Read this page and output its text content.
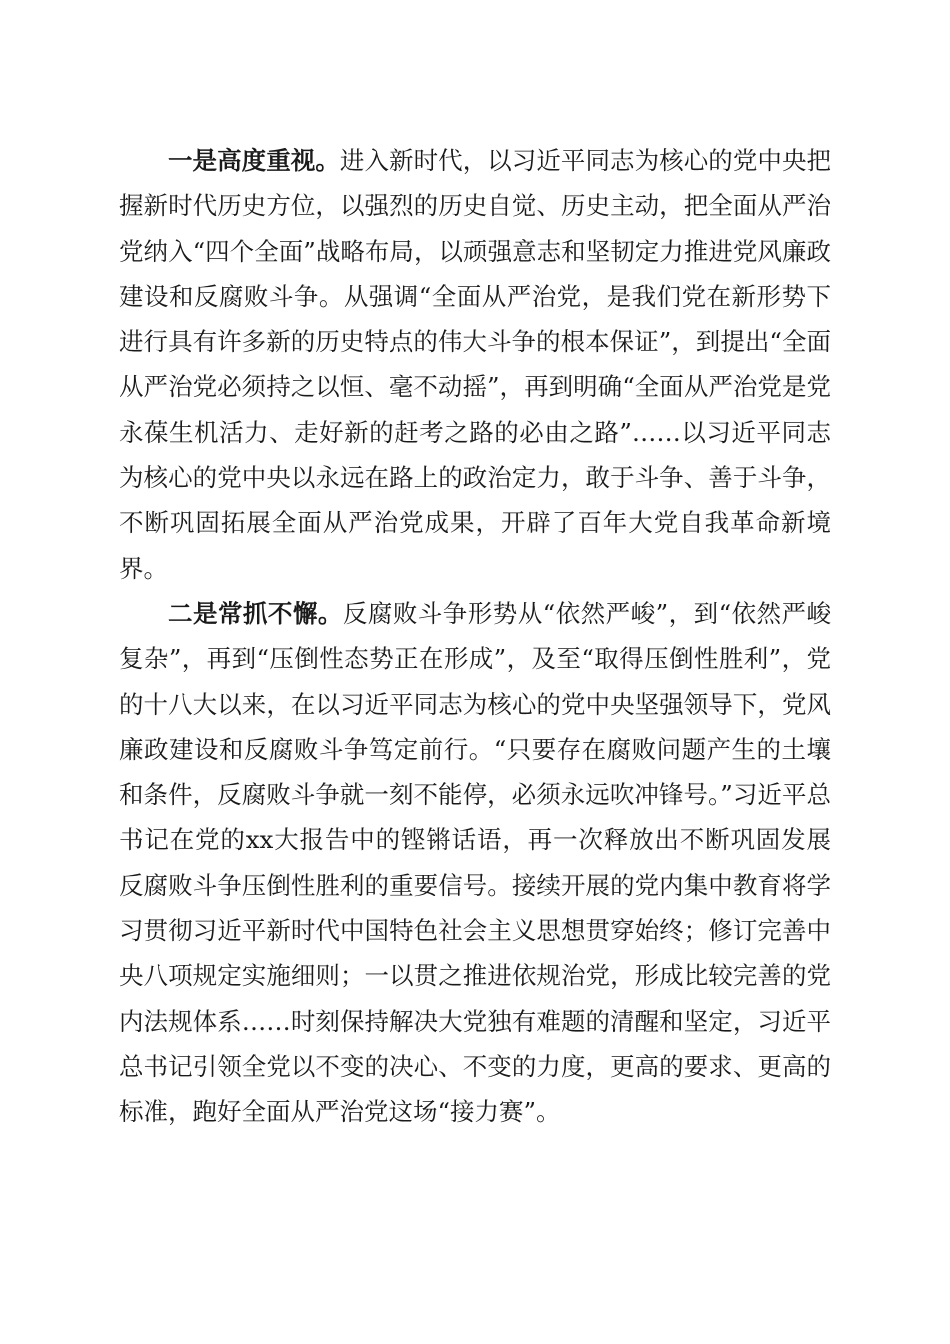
一是高度重视。进入新时代，以习近平同志为核心的党中央把握新时代历史方位，以强烈的历史自觉、历史主动，把全面从严治党纳入“四个全面”战略布局，以顽强意志和坚韧定力推进党风廉政建设和反腐败斗争。从强调“全面从严治党，是我们党在新形势下进行具有许多新的历史特点的伟大斗争的根本保证”，到提出“全面从严治党必须持之以恒、毫不动摇”，再到明确“全面从严治党是党永葆生机活力、走好新的赶考之路的必由之路”……以习近平同志为核心的党中央以永远在路上的政治定力，敢于斗争、善于斗争，不断巩固拓展全面从严治党成果，开辟了百年大党自我革命新境界。

二是常抓不懈。反腐败斗争形势从“依然严峻”，到“依然严峻复杂”，再到“压倒性态势正在形成”，及至“取得压倒性胜利”，党的十八大以来，在以习近平同志为核心的党中央坚强领导下，党风廉政建设和反腐败斗争笃定前行。“只要存在腐败问题产生的土壤和条件，反腐败斗争就一刻不能停，必须永远吹冲锋号。”习近平总书记在党的xx大报告中的铿锵话语，再一次释放出不断巩固发展反腐败斗争压倒性胜利的重要信号。接续开展的党内集中教育将学习贯彻习近平新时代中国特色社会主义思想贯穿始终；修订完善中央八项规定实施细则；一以贯之推进依规治党，形成比较完善的党内法规体系……时刻保持解决大党独有难题的清醒和坚定，习近平总书记引领全党以不变的决心、不变的力度，更高的要求、更高的标准，跑好全面从严治党这场“接力赛”。
